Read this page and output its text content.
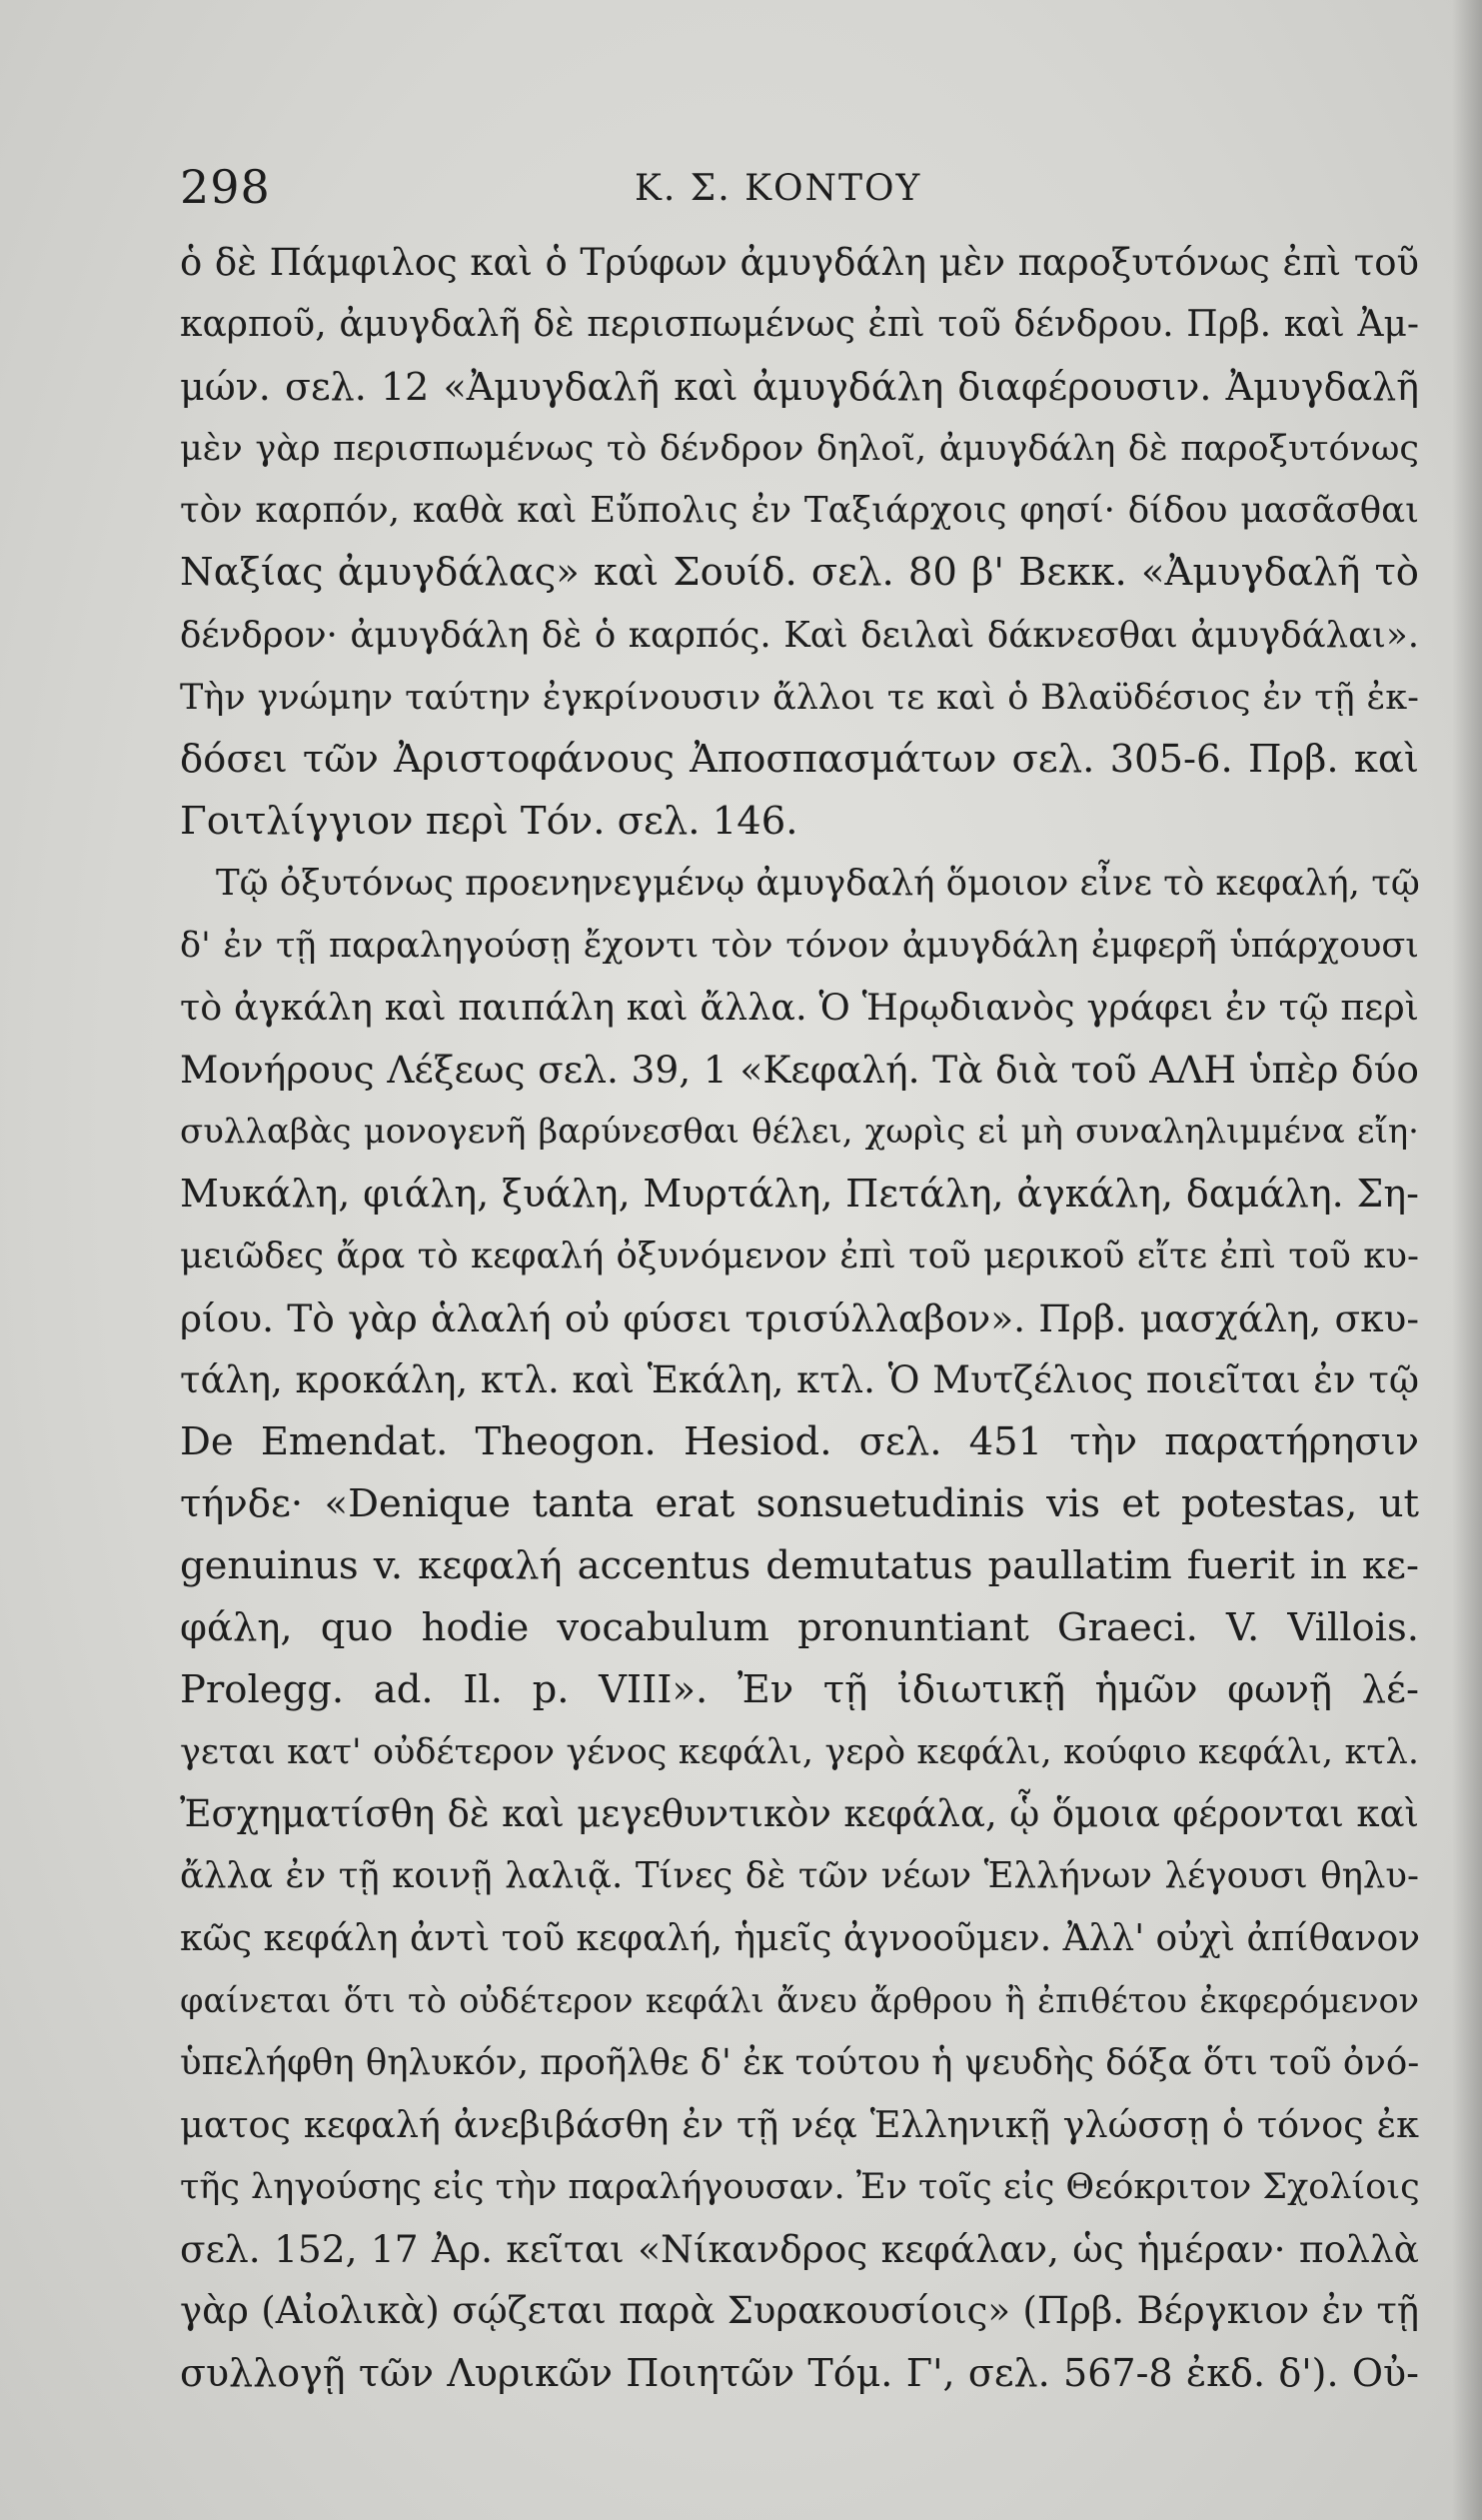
298	Κ. Σ. ΚΟΝΤΟΥ
ὁ δὲ Πάμφιλος καὶ ὁ Τρύφων ἀμυγδάλη μὲν παροξυτόνως ἐπὶ τοῦ
καρποῦ, ἀμυγδαλῆ δὲ περισπωμένως ἐπὶ τοῦ δένδρου. Πρβ. καὶ Ἀμ-
μών. σελ. 12 «Ἀμυγδαλῆ καὶ ἀμυγδάλη διαφέρουσιν. Ἀμυγδαλῆ
μὲν γὰρ περισπωμένως τὸ δένδρον δηλοῖ, ἀμυγδάλη δὲ παροξυτόνως
τὸν καρπόν, καθὰ καὶ Εὔπολις ἐν Ταξιάρχοις φησί· δίδου μασᾶσθαι
Ναξίας ἀμυγδάλας» καὶ Σουίδ. σελ. 80 β' Βεκκ. «Ἀμυγδαλῆ τὸ
δένδρον· ἀμυγδάλη δὲ ὁ καρπός. Καὶ δειλαὶ δάκνεσθαι ἀμυγδάλαι».
Τὴν γνώμην ταύτην ἐγκρίνουσιν ἄλλοι τε καὶ ὁ Βλαϋδέσιος ἐν τῇ ἐκ-
δόσει τῶν Ἀριστοφάνους Ἀποσπασμάτων σελ. 305-6. Πρβ. καὶ
Γοιτλίγγιον περὶ Τόν. σελ. 146.
Τῷ ὀξυτόνως προενηνεγμένῳ ἀμυγδαλή ὅμοιον εἶνε τὸ κεφαλή, τῷ
δ' ἐν τῇ παραληγούσῃ ἔχοντι τὸν τόνον ἀμυγδάλη ἐμφερῆ ὑπάρχουσι
τὸ ἀγκάλη καὶ παιπάλη καὶ ἄλλα. Ὁ Ἡρῳδιανὸς γράφει ἐν τῷ περὶ
Μονήρους Λέξεως σελ. 39, 1 «Κεφαλή. Τὰ διὰ τοῦ ΑΛΗ ὑπὲρ δύο
συλλαβὰς μονογενῆ βαρύνεσθαι θέλει, χωρὶς εἰ μὴ συναληλιμμένα εἴη·
Μυκάλη, φιάλη, ξυάλη, Μυρτάλη, Πετάλη, ἀγκάλη, δαμάλη. Ση-
μειῶδες ἄρα τὸ κεφαλή ὀξυνόμενον ἐπὶ τοῦ μερικοῦ εἴτε ἐπὶ τοῦ κυ-
ρίου. Τὸ γὰρ ἁλαλή οὐ φύσει τρισύλλαβον». Πρβ. μασχάλη, σκυ-
τάλη, κροκάλη, κτλ. καὶ Ἑκάλη, κτλ. Ὁ Μυτζέλιος ποιεῖται ἐν τῷ
De Emendat. Theogon. Hesiod. σελ. 451 τὴν παρατήρησιν
τήνδε· «Denique tanta erat sonsuetudinis vis et potestas, ut
genuinus v. κεφαλή accentus demutatus paullatim fuerit in κε-
φάλη, quo hodie vocabulum pronuntiant Graeci. V. Villois.
Prolegg. ad. Il. p. VIII». Ἐν τῇ ἰδιωτικῇ ἡμῶν φωνῇ λέ-
γεται κατ' οὐδέτερον γένος κεφάλι, γερὸ κεφάλι, κούφιο κεφάλι, κτλ.
Ἐσχηματίσθη δὲ καὶ μεγεθυντικὸν κεφάλα, ᾧ ὅμοια φέρονται καὶ
ἄλλα ἐν τῇ κοινῇ λαλιᾷ. Τίνες δὲ τῶν νέων Ἑλλήνων λέγουσι θηλυ-
κῶς κεφάλη ἀντὶ τοῦ κεφαλή, ἡμεῖς ἀγνοοῦμεν. Ἀλλ' οὐχὶ ἀπίθανον
φαίνεται ὅτι τὸ οὐδέτερον κεφάλι ἄνευ ἄρθρου ἢ ἐπιθέτου ἐκφερόμενον
ὑπελήφθη θηλυκόν, προῆλθε δ' ἐκ τούτου ἡ ψευδὴς δόξα ὅτι τοῦ ὀνό-
ματος κεφαλή ἀνεβιβάσθη ἐν τῇ νέᾳ Ἑλληνικῇ γλώσσῃ ὁ τόνος ἐκ
τῆς ληγούσης εἰς τὴν παραλήγουσαν. Ἐν τοῖς εἰς Θεόκριτον Σχολίοις
σελ. 152, 17 Ἀρ. κεῖται «Νίκανδρος κεφάλαν, ὡς ἡμέραν· πολλὰ
γὰρ (Αἰολικὰ) σῴζεται παρὰ Συρακουσίοις» (Πρβ. Βέργκιον ἐν τῇ
συλλογῇ τῶν Λυρικῶν Ποιητῶν Τόμ. Γ', σελ. 567-8 ἐκδ. δ'). Οὐ-
